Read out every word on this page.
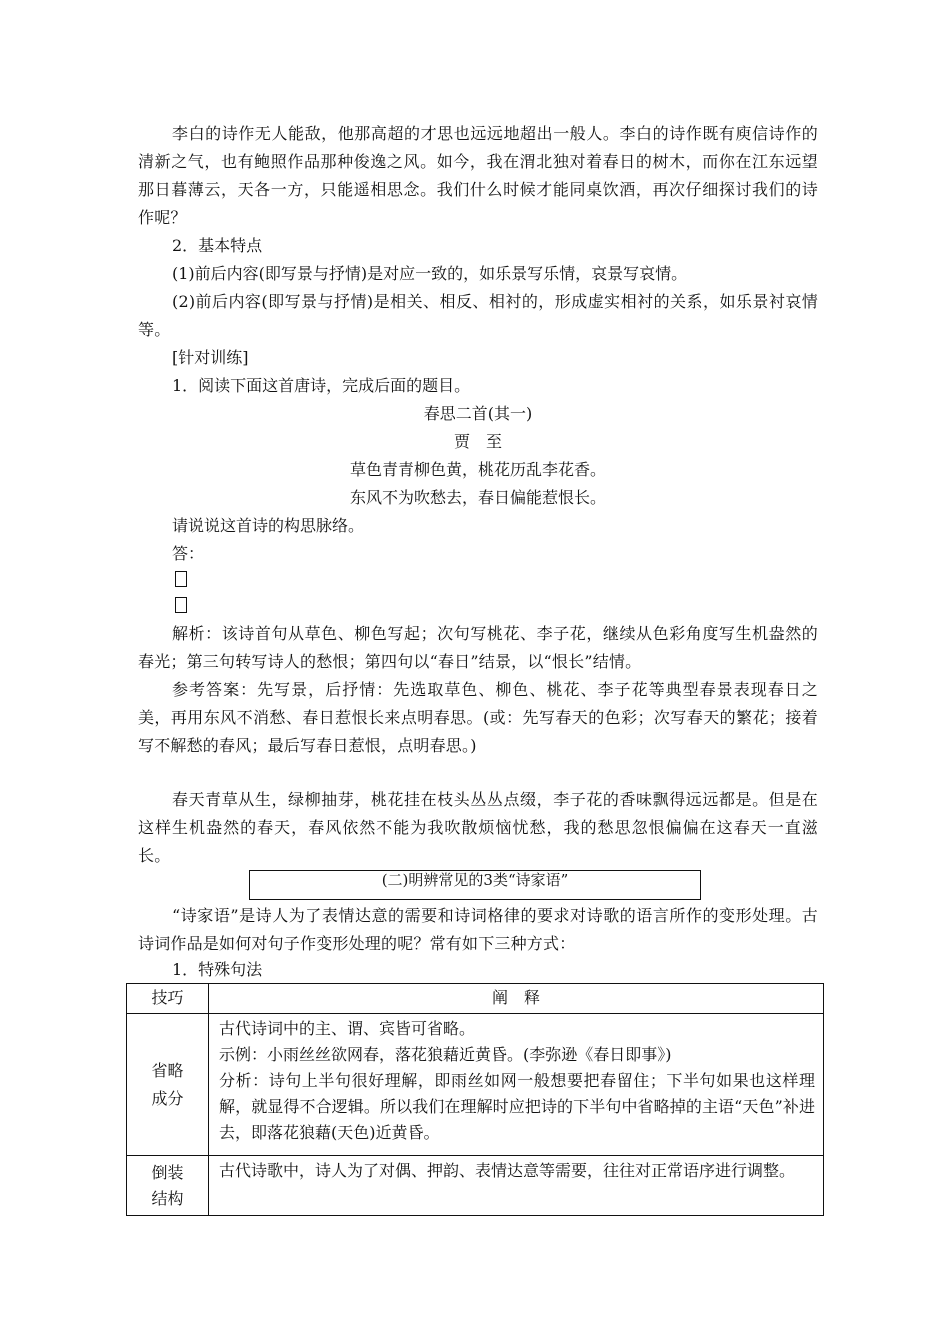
李白的诗作无人能敌，他那高超的才思也远远地超出一般人。李白的诗作既有庾信诗作的清新之气，也有鲍照作品那种俊逸之风。如今，我在渭北独对着春日的树木，而你在江东远望那日暮薄云，天各一方，只能遥相思念。我们什么时候才能同桌饮酒，再次仔细探讨我们的诗作呢？

2．基本特点
(1)前后内容(即写景与抒情)是对应一致的，如乐景写乐情，哀景写哀情。

(2)前后内容(即写景与抒情)是相关、相反、相衬的，形成虚实相衬的关系，如乐景衬哀情等。

[针对训练]
1．阅读下面这首唐诗，完成后面的题目。
春思二首(其一)
贾　至
草色青青柳色黄，桃花历乱李花香。
东风不为吹愁去，春日偏能惹恨长。
请说说这首诗的构思脉络。
答：

解析：该诗首句从草色、柳色写起；次句写桃花、李子花，继续从色彩角度写生机盎然的春光；第三句转写诗人的愁恨；第四句以“春日”结景，以“恨长”结情。

参考答案：先写景，后抒情：先选取草色、柳色、桃花、李子花等典型春景表现春日之美，再用东风不消愁、春日惹恨长来点明春思。(或：先写春天的色彩；次写春天的繁花；接着写不解愁的春风；最后写春日惹恨，点明春思。)

春天青草从生，绿柳抽芽，桃花挂在枝头丛丛点缀，李子花的香味飘得远远都是。但是在这样生机盎然的春天，春风依然不能为我吹散烦恼忧愁，我的愁思忽恨偏偏在这春天一直滋长。

(二)明辨常见的3类“诗家语”

“诗家语”是诗人为了表情达意的需要和诗词格律的要求对诗歌的语言所作的变形处理。古诗词作品是如何对句子作变形处理的呢？常有如下三种方式：

1．特殊句法
技巧	阐　释

省略成分	古代诗词中的主、谓、宾皆可省略。
示例：小雨丝丝欲网春，落花狼藉近黄昏。(李弥逊《春日即事》)
分析：诗句上半句很好理解，即雨丝如网一般想要把春留住；下半句如果也这样理解，就显得不合逻辑。所以我们在理解时应把诗的下半句中省略掉的主语“天色”补进去，即落花狼藉(天色)近黄昏。

倒装结构	古代诗歌中，诗人为了对偶、押韵、表情达意等需要，往往对正常语序进行调整。
